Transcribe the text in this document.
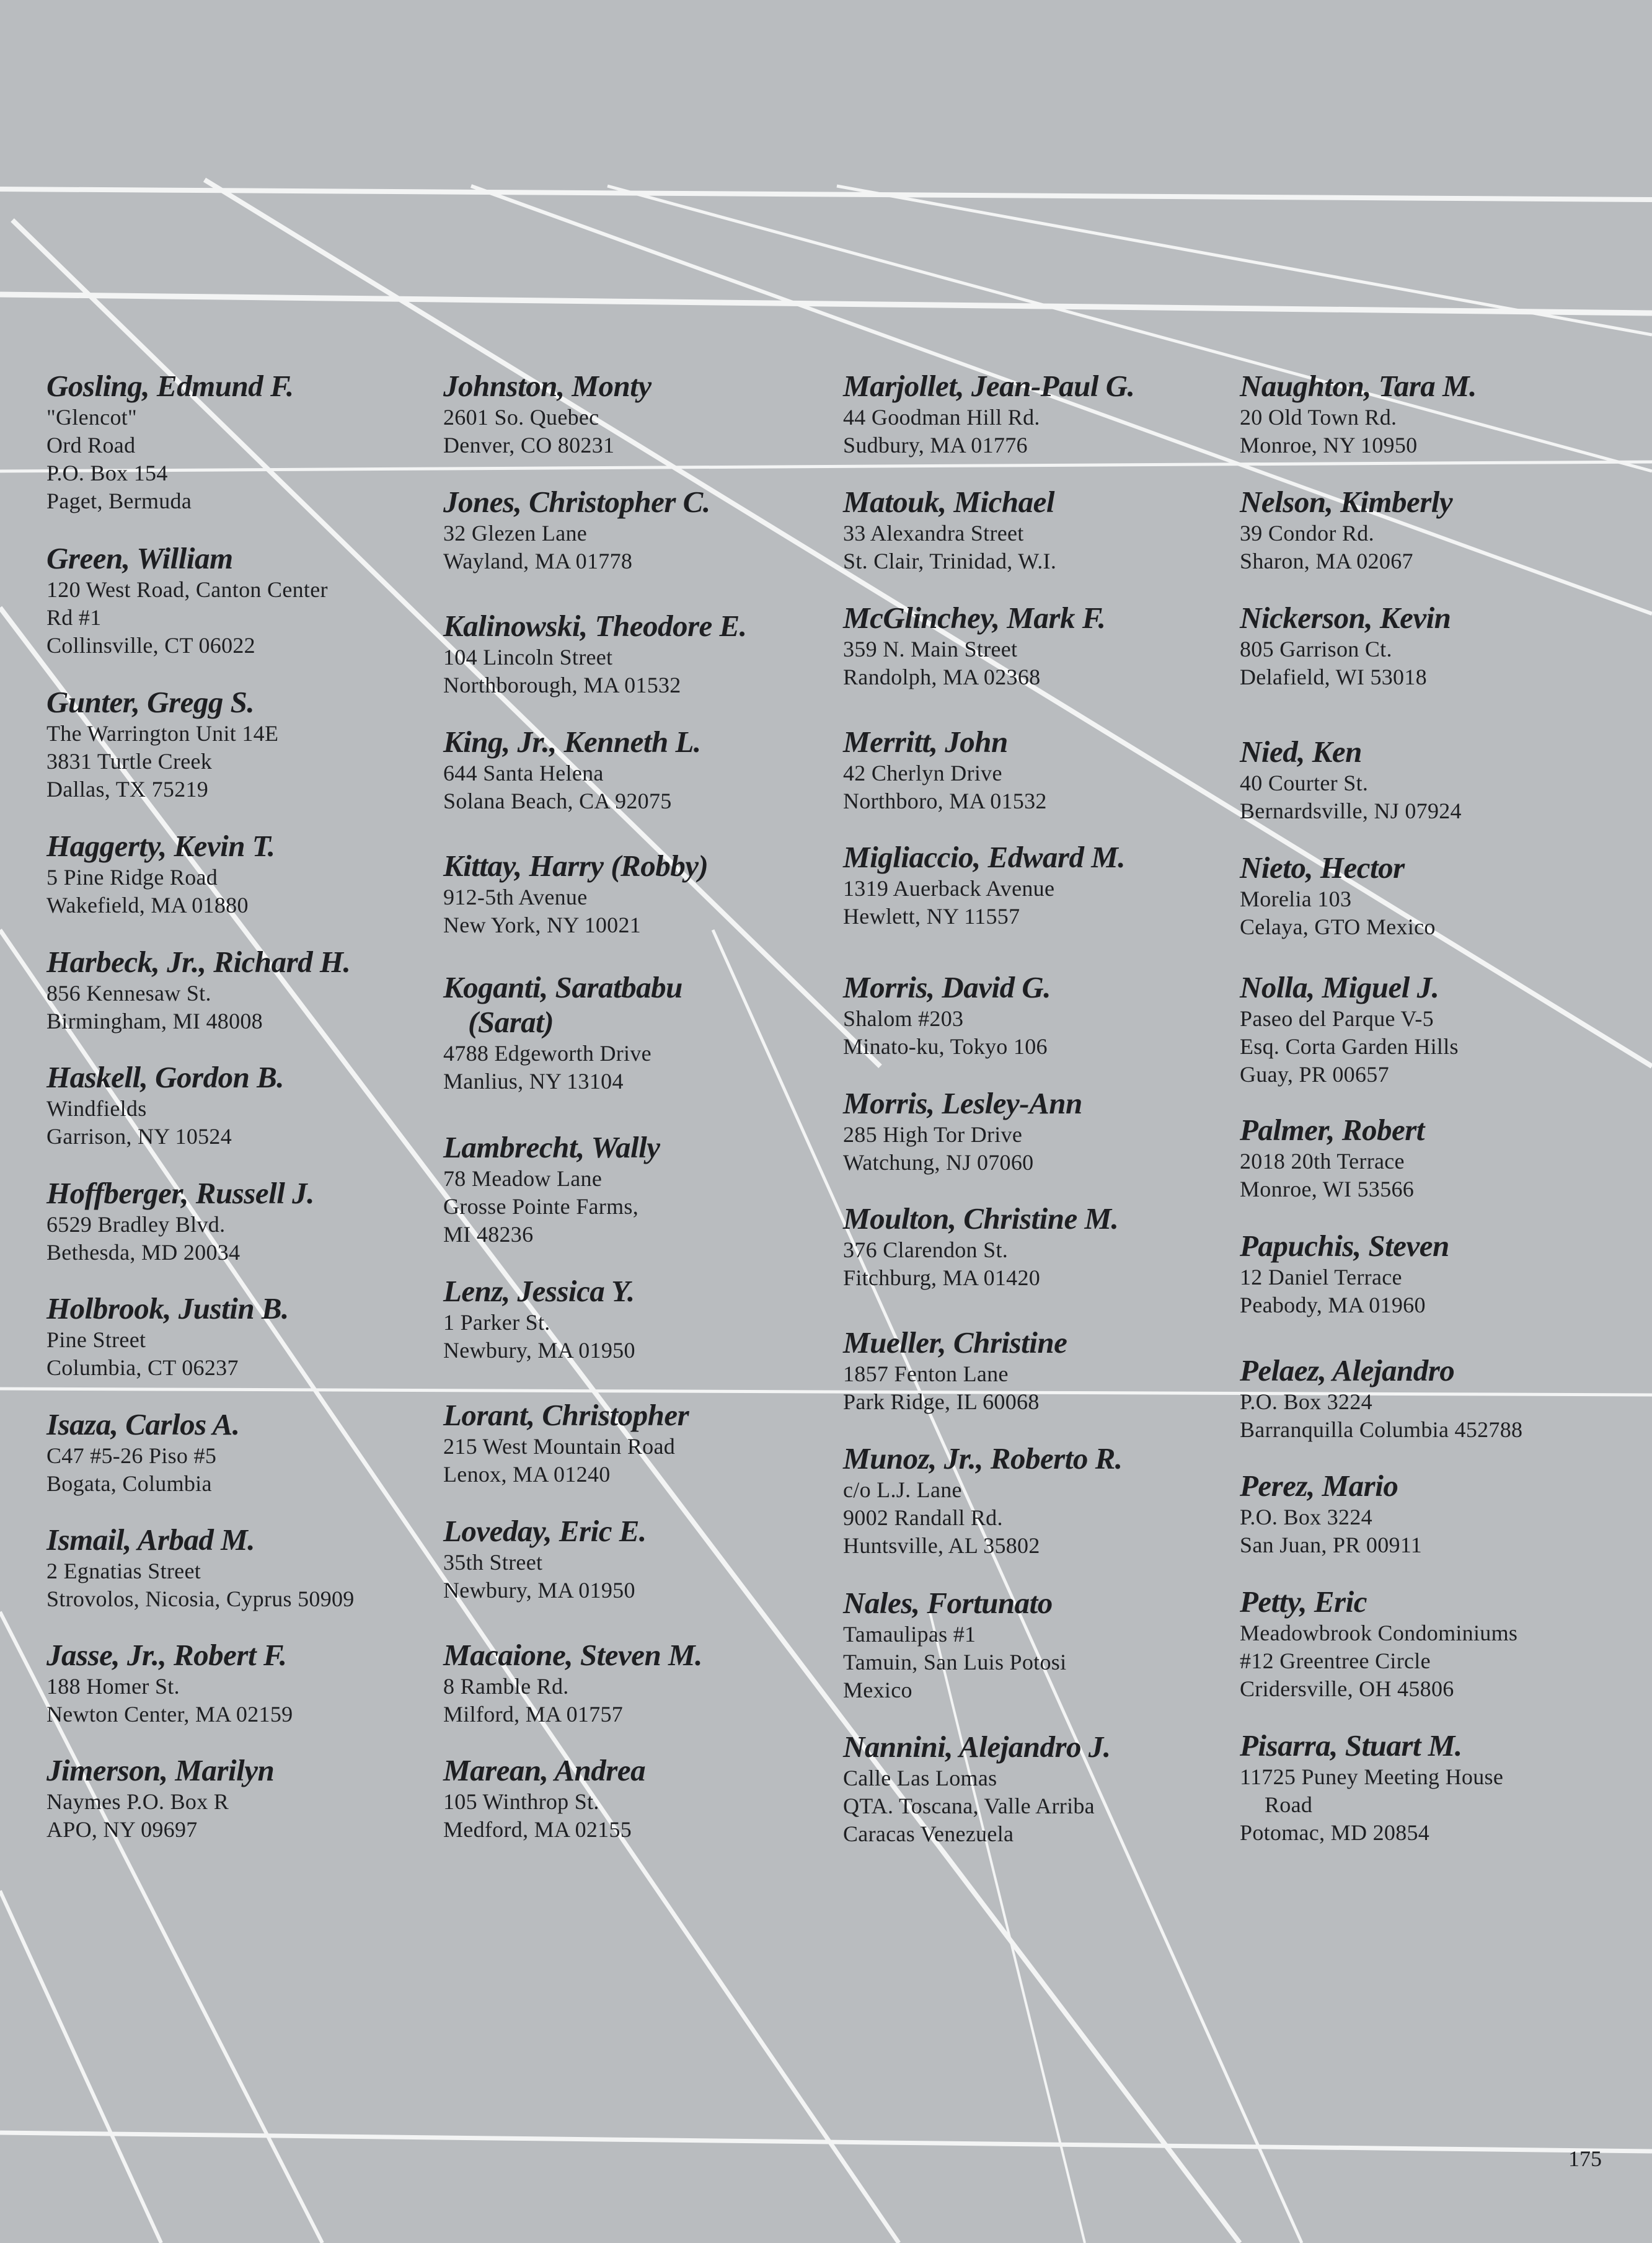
Gosling, Edmund F.
"Glencot"
Ord Road
P.O. Box 154
Paget, Bermuda
Green, William
120 West Road, Canton Center
Rd #1
Collinsville, CT 06022
Gunter, Gregg S.
The Warrington Unit 14E
3831 Turtle Creek
Dallas, TX 75219
Haggerty, Kevin T.
5 Pine Ridge Road
Wakefield, MA 01880
Harbeck, Jr., Richard H.
856 Kennesaw St.
Birmingham, MI 48008
Haskell, Gordon B.
Windfields
Garrison, NY 10524
Hoffberger, Russell J.
6529 Bradley Blvd.
Bethesda, MD 20034
Holbrook, Justin B.
Pine Street
Columbia, CT 06237
Isaza, Carlos A.
C47 #5-26 Piso #5
Bogata, Columbia
Ismail, Arbad M.
2 Egnatias Street
Strovolos, Nicosia, Cyprus 50909
Jasse, Jr., Robert F.
188 Homer St.
Newton Center, MA 02159
Jimerson, Marilyn
Naymes P.O. Box R
APO, NY 09697
Johnston, Monty
2601 So. Quebec
Denver, CO 80231
Jones, Christopher C.
32 Glezen Lane
Wayland, MA 01778
Kalinowski, Theodore E.
104 Lincoln Street
Northborough, MA 01532
King, Jr., Kenneth L.
644 Santa Helena
Solana Beach, CA 92075
Kittay, Harry (Robby)
912-5th Avenue
New York, NY 10021
Koganti, Saratbabu
(Sarat)
4788 Edgeworth Drive
Manlius, NY 13104
Lambrecht, Wally
78 Meadow Lane
Grosse Pointe Farms,
MI 48236
Lenz, Jessica Y.
1 Parker St.
Newbury, MA 01950
Lorant, Christopher
215 West Mountain Road
Lenox, MA 01240
Loveday, Eric E.
35th Street
Newbury, MA 01950
Macaione, Steven M.
8 Ramble Rd.
Milford, MA 01757
Marean, Andrea
105 Winthrop St.
Medford, MA 02155
Marjollet, Jean-Paul G.
44 Goodman Hill Rd.
Sudbury, MA 01776
Matouk, Michael
33 Alexandra Street
St. Clair, Trinidad, W.I.
McGlinchey, Mark F.
359 N. Main Street
Randolph, MA 02368
Merritt, John
42 Cherlyn Drive
Northboro, MA 01532
Migliaccio, Edward M.
1319 Auerback Avenue
Hewlett, NY 11557
Morris, David G.
Shalom #203
Minato-ku, Tokyo 106
Morris, Lesley-Ann
285 High Tor Drive
Watchung, NJ 07060
Moulton, Christine M.
376 Clarendon St.
Fitchburg, MA 01420
Mueller, Christine
1857 Fenton Lane
Park Ridge, IL 60068
Munoz, Jr., Roberto R.
c/o L.J. Lane
9002 Randall Rd.
Huntsville, AL 35802
Nales, Fortunato
Tamaulipas #1
Tamuin, San Luis Potosi
Mexico
Nannini, Alejandro J.
Calle Las Lomas
QTA. Toscana, Valle Arriba
Caracas Venezuela
Naughton, Tara M.
20 Old Town Rd.
Monroe, NY 10950
Nelson, Kimberly
39 Condor Rd.
Sharon, MA 02067
Nickerson, Kevin
805 Garrison Ct.
Delafield, WI 53018
Nied, Ken
40 Courter St.
Bernardsville, NJ 07924
Nieto, Hector
Morelia 103
Celaya, GTO Mexico
Nolla, Miguel J.
Paseo del Parque V-5
Esq. Corta Garden Hills
Guay, PR 00657
Palmer, Robert
2018 20th Terrace
Monroe, WI 53566
Papuchis, Steven
12 Daniel Terrace
Peabody, MA 01960
Pelaez, Alejandro
P.O. Box 3224
Barranquilla Columbia 452788
Perez, Mario
P.O. Box 3224
San Juan, PR 00911
Petty, Eric
Meadowbrook Condominiums
#12 Greentree Circle
Cridersville, OH 45806
Pisarra, Stuart M.
11725 Puney Meeting House
Road
Potomac, MD 20854
175
